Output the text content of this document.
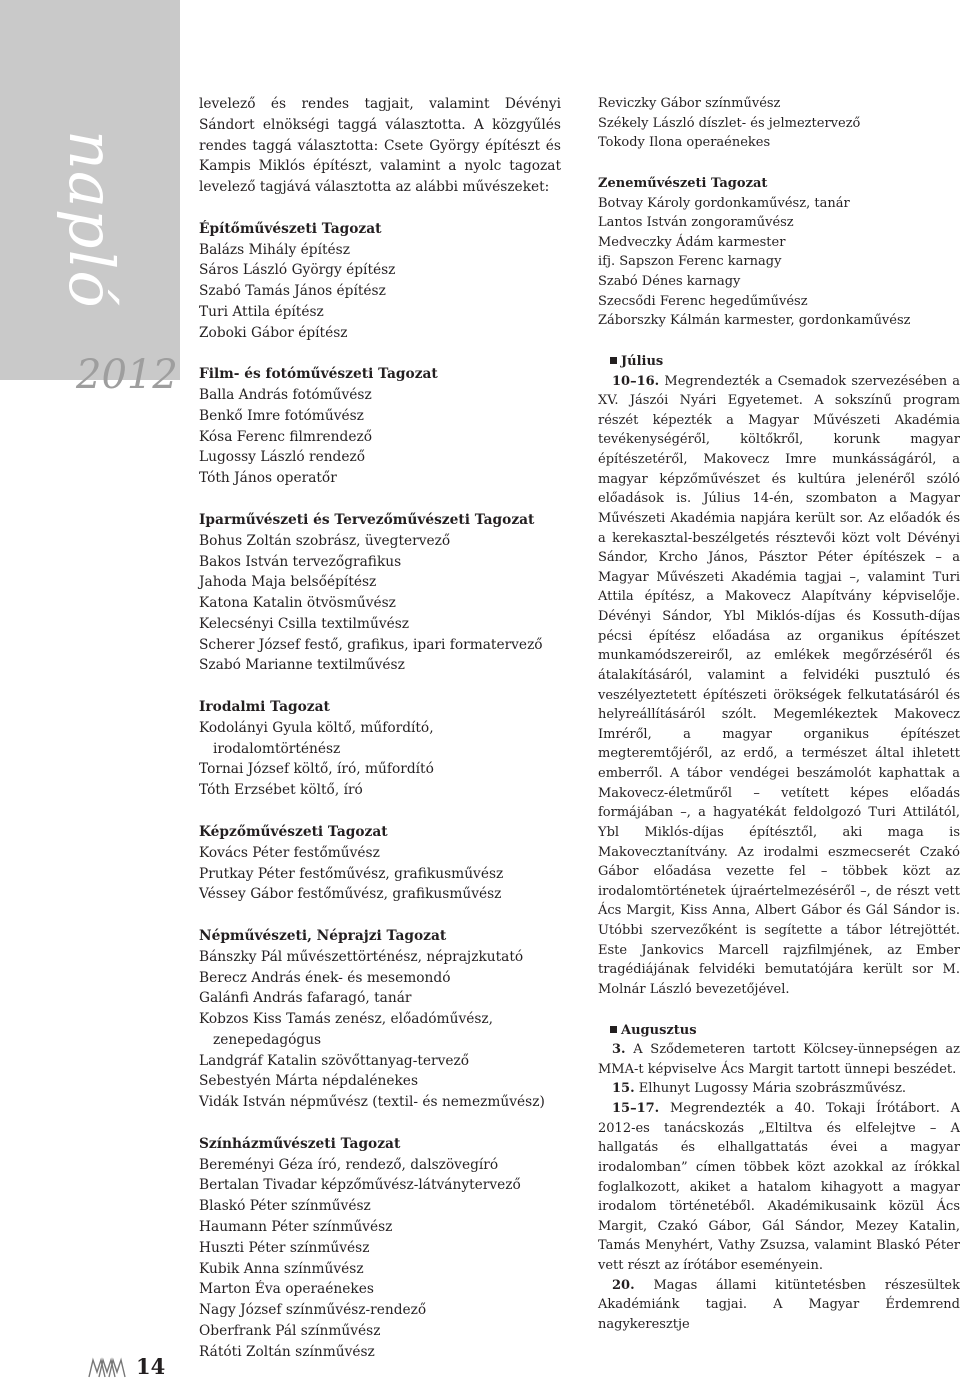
napló
2012
14

levelező és rendes tagjait, valamint Dévényi Sándort elnökségi taggá választotta. A közgyűlés rendes taggá választotta: Csete György építészt és Kampis Miklós építészt, valamint a nyolc tagozat levelező tagjává választotta az alábbi művészeket:

Építőművészeti Tagozat

Balázs Mihály építész

Sáros László György építész

Szabó Tamás János építész

Turi Attila építész

Zoboki Gábor építész

Film- és fotóművészeti Tagozat

Balla András fotóművész

Benkő Imre fotóművész

Kósa Ferenc filmrendező

Lugossy László rendező

Tóth János operatőr

Iparművészeti és Tervezőművészeti Tagozat

Bohus Zoltán szobrász, üvegtervező

Bakos István tervezőgrafikus

Jahoda Maja belsőépítész

Katona Katalin ötvösművész

Kelecsényi Csilla textilművész

Scherer József festő, grafikus, ipari formatervező

Szabó Marianne textilművész

Irodalmi Tagozat

Kodolányi Gyula költő, műfordító,

irodalomtörténész

Tornai József költő, író, műfordító

Tóth Erzsébet költő, író

Képzőművészeti Tagozat

Kovács Péter festőművész

Prutkay Péter festőművész, grafikusművész

Véssey Gábor festőművész, grafikusművész

Népművészeti, Néprajzi Tagozat

Bánszky Pál művészettörténész, néprajzkutató

Berecz András ének- és mesemondó

Galánfi András fafaragó, tanár

Kobzos Kiss Tamás zenész, előadóművész,

zenepedagógus

Landgráf Katalin szövőttanyag-tervező

Sebestyén Márta népdalénekes

Vidák István népművész (textil- és nemezművész)

Színházművészeti Tagozat

Bereményi Géza író, rendező, dalszövegíró

Bertalan Tivadar képzőművész-látványtervező

Blaskó Péter színművész

Haumann Péter színművész

Huszti Péter színművész

Kubik Anna színművész

Marton Éva operaénekes

Nagy József színművész-rendező

Oberfrank Pál színművész

Rátóti Zoltán színművész

Reviczky Gábor színművész

Székely László díszlet- és jelmeztervező

Tokody Ilona operaénekes

Zeneművészeti Tagozat

Botvay Károly gordonkaművész, tanár

Lantos István zongoraművész

Medveczky Ádám karmester

ifj. Sapszon Ferenc karnagy

Szabó Dénes karnagy

Szecsődi Ferenc hegedűművész

Záborszky Kálmán karmester, gordonkaművész

Július

10–16. Megrendezték a Csemadok szervezésében a XV. Jászói Nyári Egyetemet. A sokszínű program részét képezték a Magyar Művészeti Akadémia tevékenységéről, költőkről, korunk magyar építészetéről, Makovecz Imre munkásságáról, a magyar képzőművészet és kultúra jelenéről szóló előadások is. Július 14-én, szombaton a Magyar Művészeti Akadémia napjára került sor. Az előadók és a kerekasztal-beszélgetés résztevői közt volt Dévényi Sándor, Krcho János, Pásztor Péter építészek – a Magyar Művészeti Akadémia tagjai –, valamint Turi Attila építész, a Makovecz Alapítvány képviselője. Dévényi Sándor, Ybl Miklós-díjas és Kossuth-díjas pécsi építész előadása az organikus építészet munkamódszereiről, az emlékek megőrzéséről és átalakításáról, valamint a felvidéki pusztuló és veszélyeztetett építészeti örökségek felkutatásáról és helyreállításáról szólt. Megemlékeztek Makovecz Imréről, a magyar organikus építészet megteremtőjéről, az erdő, a természet által ihletett emberről. A tábor vendégei beszámolót kaphattak a Makovecz-életműről – vetített képes előadás formájában –, a hagyatékát feldolgozó Turi Attilától, Ybl Miklós-díjas építésztől, aki maga is Makovecztanítvány. Az irodalmi eszmecserét Czakó Gábor előadása vezette fel – többek közt az irodalomtörténetek újraértelmezéséről –, de részt vett Ács Margit, Kiss Anna, Albert Gábor és Gál Sándor is. Utóbbi szervezőként is segítette a tábor létrejöttét. Este Jankovics Marcell rajzfilmjének, az Ember tragédiájának felvidéki bemutatójára került sor M. Molnár László bevezetőjével.

Augusztus

3. A Sződemeteren tartott Kölcsey-ünnepségen az MMA-t képviselve Ács Margit tartott ünnepi beszédet.

15. Elhunyt Lugossy Mária szobrászművész.

15–17. Megrendezték a 40. Tokaji Írótábort. A 2012-es tanácskozás „Eltiltva és elfelejtve – A hallgatás és elhallgattatás évei a magyar irodalomban” címen többek közt azokkal az írókkal foglalkozott, akiket a hatalom kihagyott a magyar irodalom történetéből. Akadémikusaink közül Ács Margit, Czakó Gábor, Gál Sándor, Mezey Katalin, Tamás Menyhért, Vathy Zsuzsa, valamint Blaskó Péter vett részt az írótábor eseményein.

20. Magas állami kitüntetésben részesültek Akadémiánk tagjai. A Magyar Érdemrend nagykeresztje
